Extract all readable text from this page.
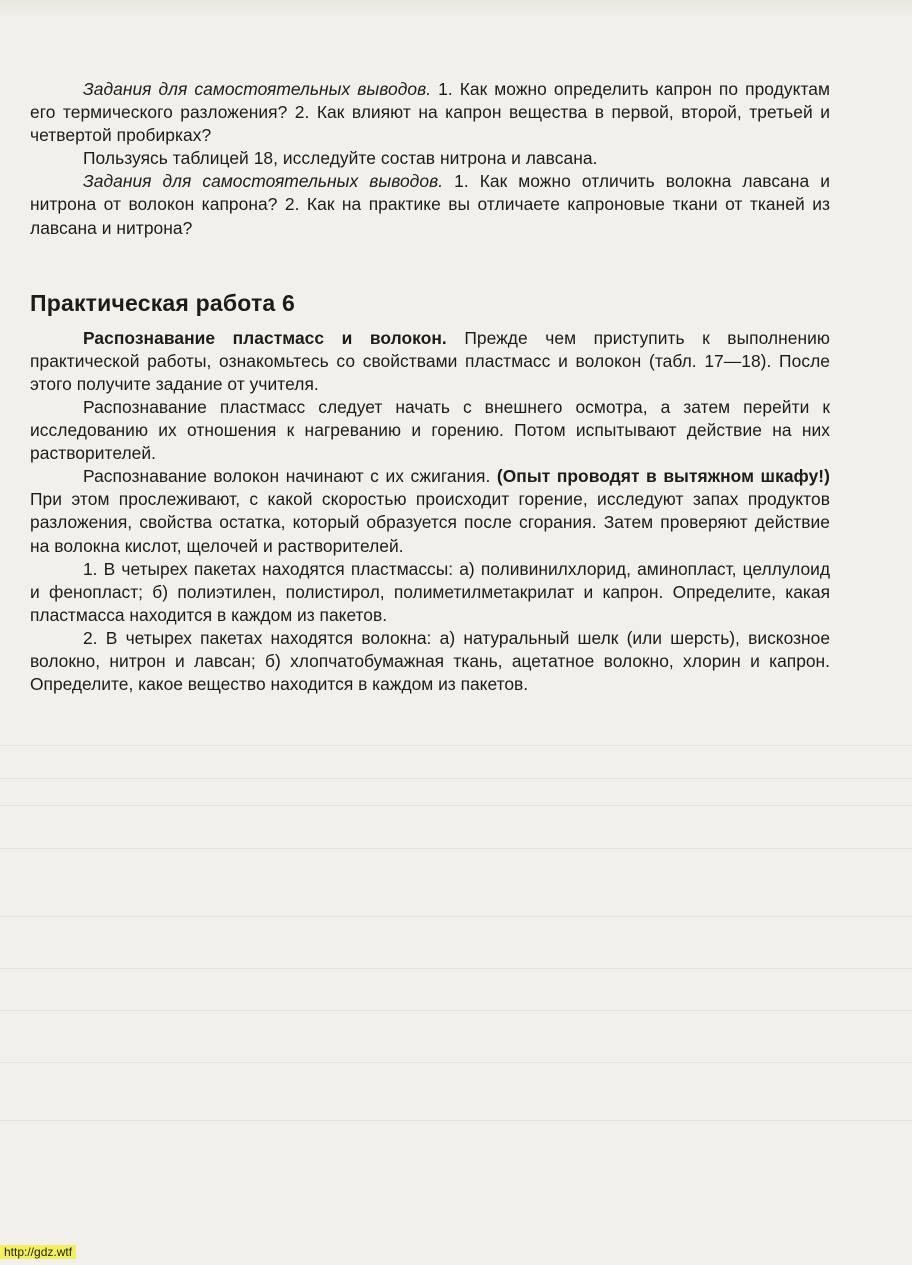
Задания для самостоятельных выводов. 1. Как можно определить капрон по продуктам его термического разложения? 2. Как влияют на капрон вещества в первой, второй, третьей и четвертой пробирках?

Пользуясь таблицей 18, исследуйте состав нитрона и лавсана.

Задания для самостоятельных выводов. 1. Как можно отличить волокна лавсана и нитрона от волокон капрона? 2. Как на практике вы отличаете капроновые ткани от тканей из лавсана и нитрона?

Практическая работа 6

Распознавание пластмасс и волокон. Прежде чем приступить к выполнению практической работы, ознакомьтесь со свойствами пластмасс и волокон (табл. 17—18). После этого получите задание от учителя.

Распознавание пластмасс следует начать с внешнего осмотра, а затем перейти к исследованию их отношения к нагреванию и горению. Потом испытывают действие на них растворителей.

Распознавание волокон начинают с их сжигания. (Опыт проводят в вытяжном шкафу!) При этом прослеживают, с какой скоростью происходит горение, исследуют запах продуктов разложения, свойства остатка, который образуется после сгорания. Затем проверяют действие на волокна кислот, щелочей и растворителей.

1. В четырех пакетах находятся пластмассы: а) поливинилхлорид, аминопласт, целлулоид и фенопласт; б) полиэтилен, полистирол, полиметилметакрилат и капрон. Определите, какая пластмасса находится в каждом из пакетов.

2. В четырех пакетах находятся волокна: а) натуральный шелк (или шерсть), вискозное волокно, нитрон и лавсан; б) хлопчатобумажная ткань, ацетатное волокно, хлорин и капрон. Определите, какое вещество находится в каждом из пакетов.

http://gdz.wtf
